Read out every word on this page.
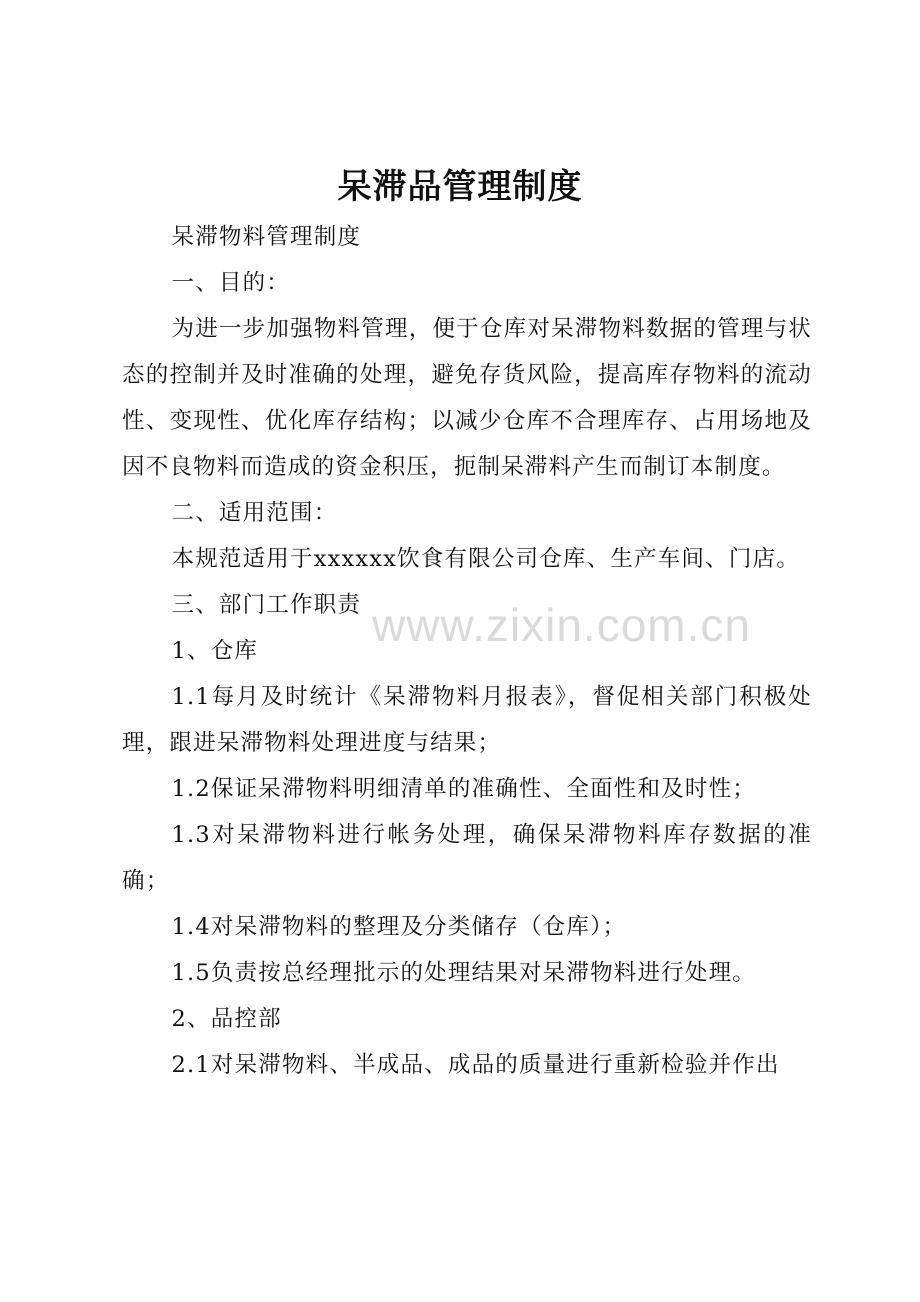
呆滞品管理制度

呆滞物料管理制度

一、目的：

为进一步加强物料管理，便于仓库对呆滞物料数据的管理与状态的控制并及时准确的处理，避免存货风险，提高库存物料的流动性、变现性、优化库存结构；以减少仓库不合理库存、占用场地及因不良物料而造成的资金积压，扼制呆滞料产生而制订本制度。

二、适用范围：

本规范适用于xxxxxx饮食有限公司仓库、生产车间、门店。

三、部门工作职责

1、仓库

1.1每月及时统计《呆滞物料月报表》，督促相关部门积极处理，跟进呆滞物料处理进度与结果；

1.2保证呆滞物料明细清单的准确性、全面性和及时性；

1.3对呆滞物料进行帐务处理，确保呆滞物料库存数据的准确；

1.4对呆滞物料的整理及分类储存（仓库）；

1.5负责按总经理批示的处理结果对呆滞物料进行处理。

2、品控部

2.1对呆滞物料、半成品、成品的质量进行重新检验并作出

www.zixin.com.cn
